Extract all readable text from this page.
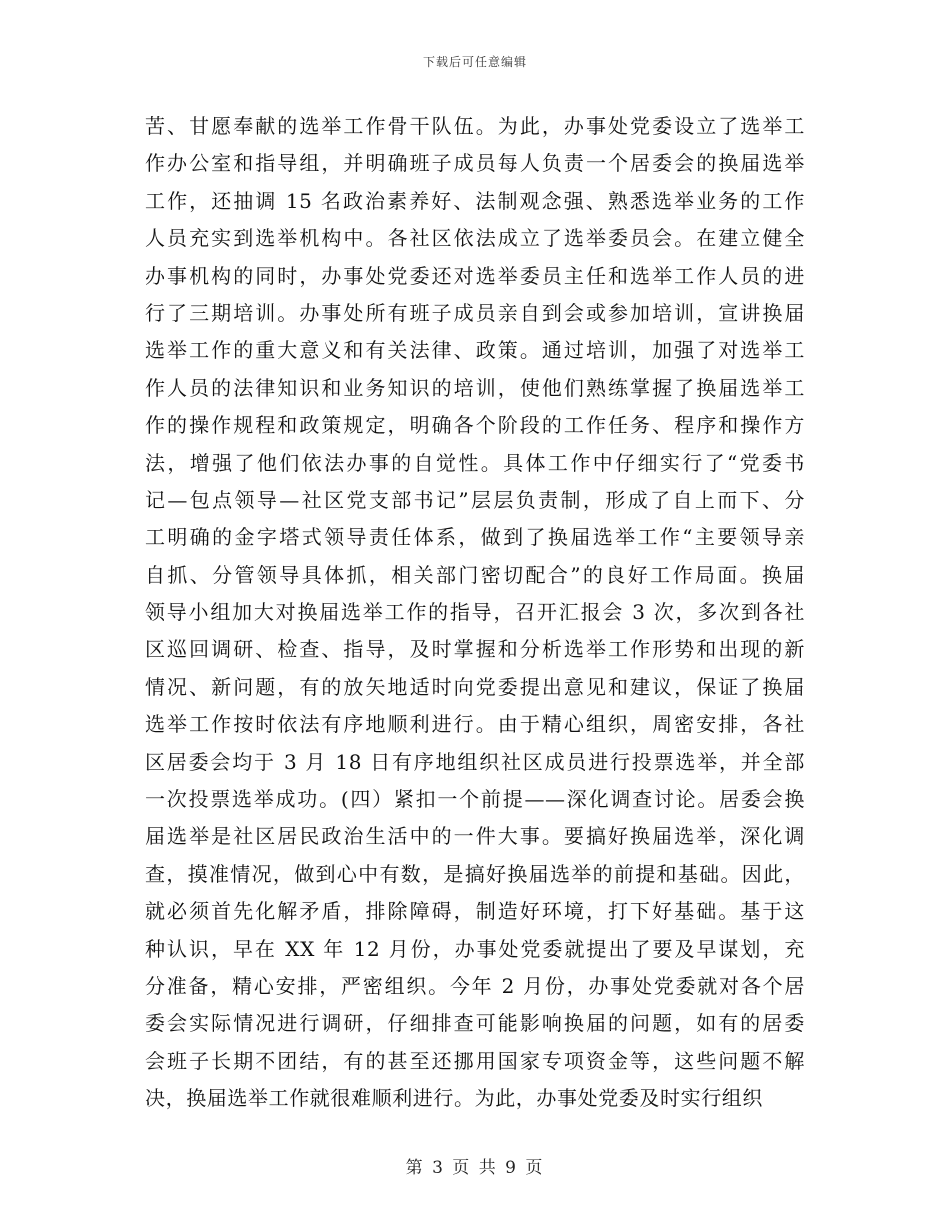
下载后可任意编辑
苦、甘愿奉献的选举工作骨干队伍。为此，办事处党委设立了选举工
作办公室和指导组，并明确班子成员每人负责一个居委会的换届选举
工作，还抽调 15 名政治素养好、法制观念强、熟悉选举业务的工作
人员充实到选举机构中。各社区依法成立了选举委员会。在建立健全
办事机构的同时，办事处党委还对选举委员主任和选举工作人员的进
行了三期培训。办事处所有班子成员亲自到会或参加培训，宣讲换届
选举工作的重大意义和有关法律、政策。通过培训，加强了对选举工
作人员的法律知识和业务知识的培训，使他们熟练掌握了换届选举工
作的操作规程和政策规定，明确各个阶段的工作任务、程序和操作方
法，增强了他们依法办事的自觉性。具体工作中仔细实行了“党委书
记—包点领导—社区党支部书记”层层负责制，形成了自上而下、分
工明确的金字塔式领导责任体系，做到了换届选举工作“主要领导亲
自抓、分管领导具体抓，相关部门密切配合”的良好工作局面。换届
领导小组加大对换届选举工作的指导，召开汇报会 3 次，多次到各社
区巡回调研、检查、指导，及时掌握和分析选举工作形势和出现的新
情况、新问题，有的放矢地适时向党委提出意见和建议，保证了换届
选举工作按时依法有序地顺利进行。由于精心组织，周密安排，各社
区居委会均于 3 月 18 日有序地组织社区成员进行投票选举，并全部
一次投票选举成功。(四）紧扣一个前提——深化调查讨论。居委会换
届选举是社区居民政治生活中的一件大事。要搞好换届选举，深化调
查，摸准情况，做到心中有数，是搞好换届选举的前提和基础。因此，
就必须首先化解矛盾，排除障碍，制造好环境，打下好基础。基于这
种认识，早在 XX 年 12 月份，办事处党委就提出了要及早谋划，充
分准备，精心安排，严密组织。今年 2 月份，办事处党委就对各个居
委会实际情况进行调研，仔细排查可能影响换届的问题，如有的居委
会班子长期不团结，有的甚至还挪用国家专项资金等，这些问题不解
决，换届选举工作就很难顺利进行。为此，办事处党委及时实行组织
第 3 页 共 9 页
